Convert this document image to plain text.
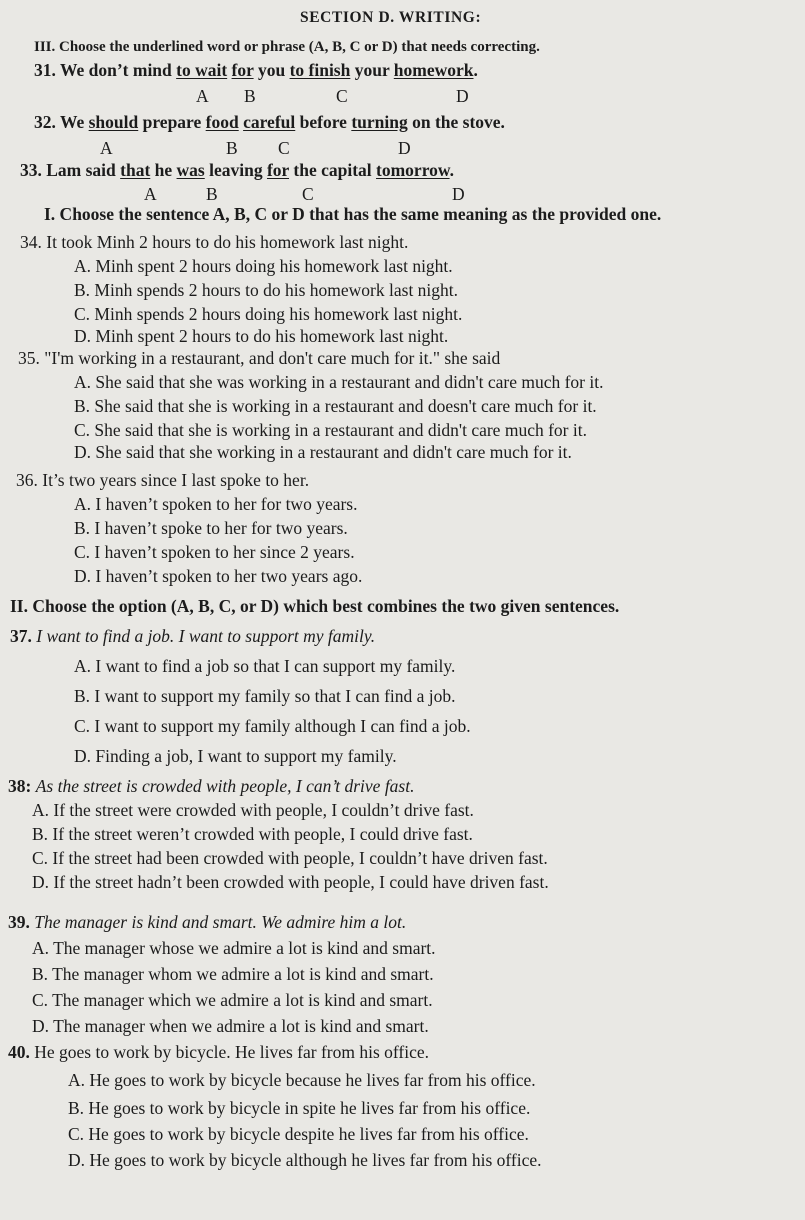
SECTION D. WRITING:
III. Choose the underlined word or phrase (A, B, C or D) that needs correcting.
31. We don’t mind to wait for you to finish your homework.
A B	C	D
32. We should prepare food careful before turning on the stove.
A	B C	D
33. Lam said that he was leaving for the capital tomorrow.
A	B	C	D
I. Choose the sentence A, B, C or D that has the same meaning as the provided one.
34. It took Minh 2 hours to do his homework last night.
A. Minh spent 2 hours doing his homework last night.
B. Minh spends 2 hours to do his homework last night.
C. Minh spends 2 hours doing his homework last night.
D. Minh spent 2 hours to do his homework last night.
35. "I'm working in a restaurant, and don't care much for it." she said
A. She said that she was working in a restaurant and didn't care much for it.
B. She said that she is working in a restaurant and doesn't care much for it.
C. She said that she is working in a restaurant and didn't care much for it.
D. She said that she working in a restaurant and didn't care much for it.
36. It’s two years since I last spoke to her.
A. I haven’t spoken to her for two years.
B. I haven’t spoke to her for two years.
C. I haven’t spoken to her since 2 years.
D. I haven’t spoken to her two years ago.
II. Choose the option (A, B, C, or D) which best combines the two given sentences.
37. I want to find a job. I want to support my family.
A. I want to find a job so that I can support my family.
B. I want to support my family so that I can find a job.
C. I want to support my family although I can find a job.
D. Finding a job, I want to support my family.
38: As the street is crowded with people, I can’t drive fast.
A. If the street were crowded with people, I couldn’t drive fast.
B. If the street weren’t crowded with people, I could drive fast.
C. If the street had been crowded with people, I couldn’t have driven fast.
D. If the street hadn’t been crowded with people, I could have driven fast.
39. The manager is kind and smart. We admire him a lot.
A. The manager whose we admire a lot is kind and smart.
B. The manager whom we admire a lot is kind and smart.
C. The manager which we admire a lot is kind and smart.
D. The manager when we admire a lot is kind and smart.
40. He goes to work by bicycle. He lives far from his office.
A. He goes to work by bicycle because he lives far from his office.
B. He goes to work by bicycle in spite he lives far from his office.
C. He goes to work by bicycle despite he lives far from his office.
D. He goes to work by bicycle although he lives far from his office.
